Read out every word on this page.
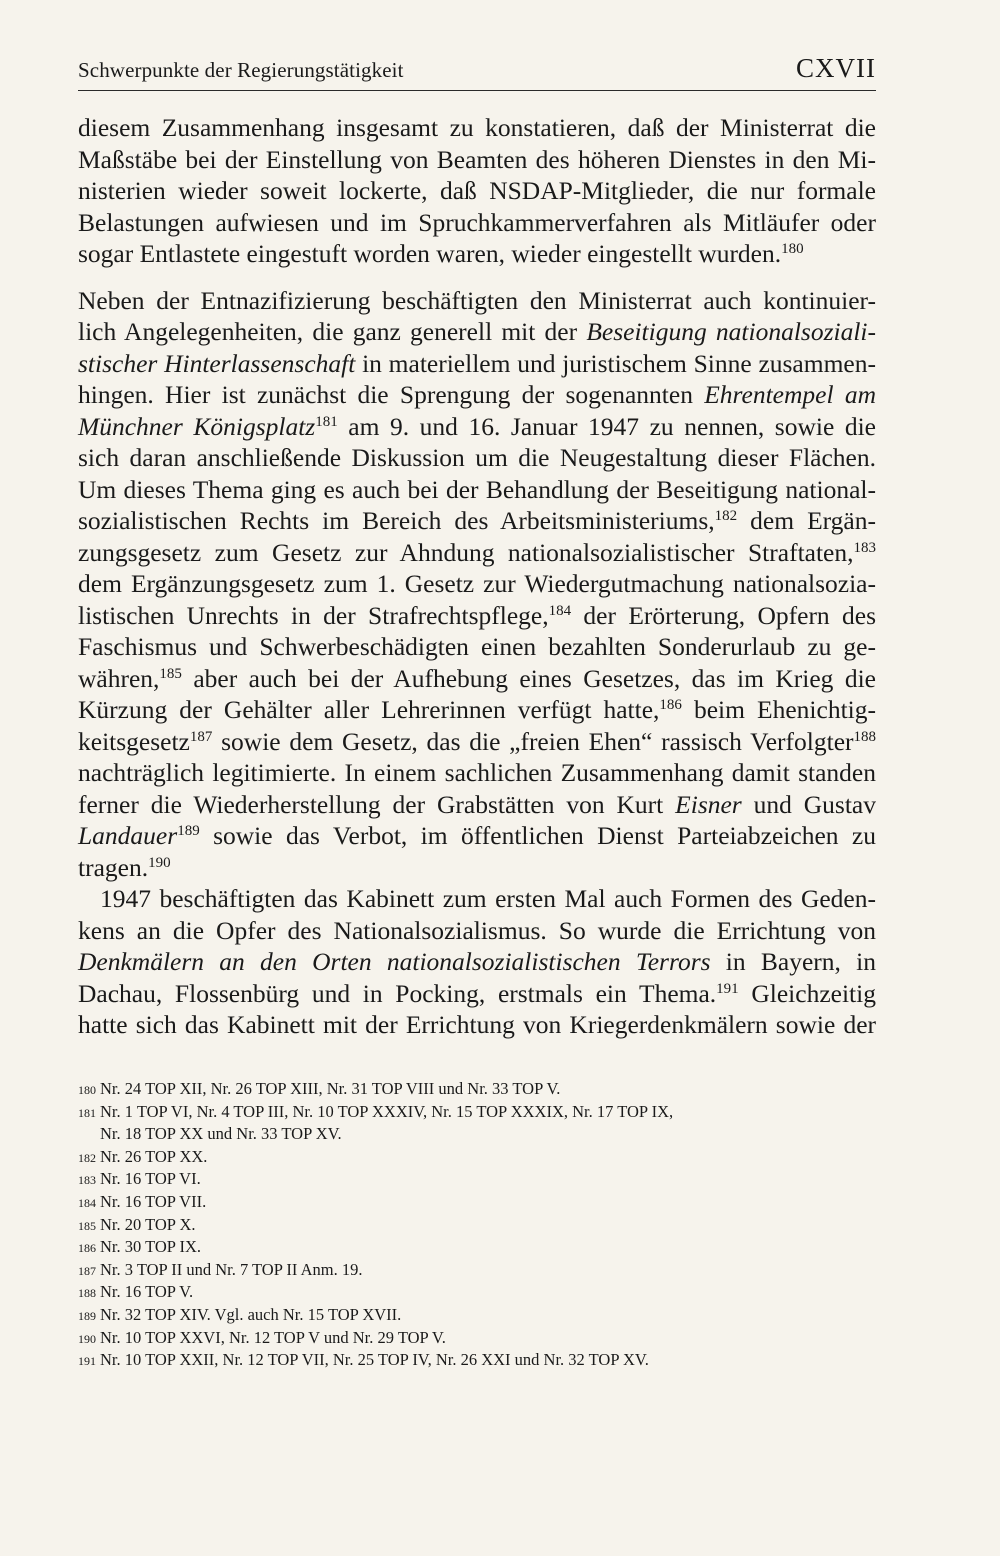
Schwerpunkte der Regierungstätigkeit	CXVII
diesem Zusammenhang insgesamt zu konstatieren, daß der Ministerrat die
Maßstäbe bei der Einstellung von Beamten des höheren Dienstes in den Mi-
nisterien wieder soweit lockerte, daß NSDAP-Mitglieder, die nur formale
Belastungen aufwiesen und im Spruchkammerverfahren als Mitläufer oder
sogar Entlastete eingestuft worden waren, wieder eingestellt wurden.$^{180}$
Neben der Entnazifizierung beschäftigten den Ministerrat auch kontinuier-
lich Angelegenheiten, die ganz generell mit der Beseitigung nationalsoziali-
stischer Hinterlassenschaft in materiellem und juristischem Sinne zusammen-
hingen. Hier ist zunächst die Sprengung der sogenannten Ehrentempel am
Münchner Königsplatz$^{181}$ am 9. und 16. Januar 1947 zu nennen, sowie die
sich daran anschließende Diskussion um die Neugestaltung dieser Flächen.
Um dieses Thema ging es auch bei der Behandlung der Beseitigung national-
sozialistischen Rechts im Bereich des Arbeitsministeriums,$^{182}$ dem Ergän-
zungsgesetz zum Gesetz zur Ahndung nationalsozialistischer Straftaten,$^{183}$
dem Ergänzungsgesetz zum 1. Gesetz zur Wiedergutmachung nationalsozia-
listischen Unrechts in der Strafrechtspflege,$^{184}$ der Erörterung, Opfern des
Faschismus und Schwerbeschädigten einen bezahlten Sonderurlaub zu ge-
währen,$^{185}$ aber auch bei der Aufhebung eines Gesetzes, das im Krieg die
Kürzung der Gehälter aller Lehrerinnen verfügt hatte,$^{186}$ beim Ehenichtig-
keitsgesetz$^{187}$ sowie dem Gesetz, das die „freien Ehen“ rassisch Verfolgter$^{188}$
nachträglich legitimierte. In einem sachlichen Zusammenhang damit standen
ferner die Wiederherstellung der Grabstätten von Kurt Eisner und Gustav
Landauer$^{189}$ sowie das Verbot, im öffentlichen Dienst Parteiabzeichen zu
tragen.$^{190}$
1947 beschäftigten das Kabinett zum ersten Mal auch Formen des Geden-
kens an die Opfer des Nationalsozialismus. So wurde die Errichtung von
Denkmälern an den Orten nationalsozialistischen Terrors in Bayern, in
Dachau, Flossenbürg und in Pocking, erstmals ein Thema.$^{191}$ Gleichzeitig
hatte sich das Kabinett mit der Errichtung von Kriegerdenkmälern sowie der
180 Nr. 24 TOP XII, Nr. 26 TOP XIII, Nr. 31 TOP VIII und Nr. 33 TOP V.
181 Nr. 1 TOP VI, Nr. 4 TOP III, Nr. 10 TOP XXXIV, Nr. 15 TOP XXXIX, Nr. 17 TOP IX,
Nr. 18 TOP XX und Nr. 33 TOP XV.
182 Nr. 26 TOP XX.
183 Nr. 16 TOP VI.
184 Nr. 16 TOP VII.
185 Nr. 20 TOP X.
186 Nr. 30 TOP IX.
187 Nr. 3 TOP II und Nr. 7 TOP II Anm. 19.
188 Nr. 16 TOP V.
189 Nr. 32 TOP XIV. Vgl. auch Nr. 15 TOP XVII.
190 Nr. 10 TOP XXVI, Nr. 12 TOP V und Nr. 29 TOP V.
191 Nr. 10 TOP XXII, Nr. 12 TOP VII, Nr. 25 TOP IV, Nr. 26 XXI und Nr. 32 TOP XV.
